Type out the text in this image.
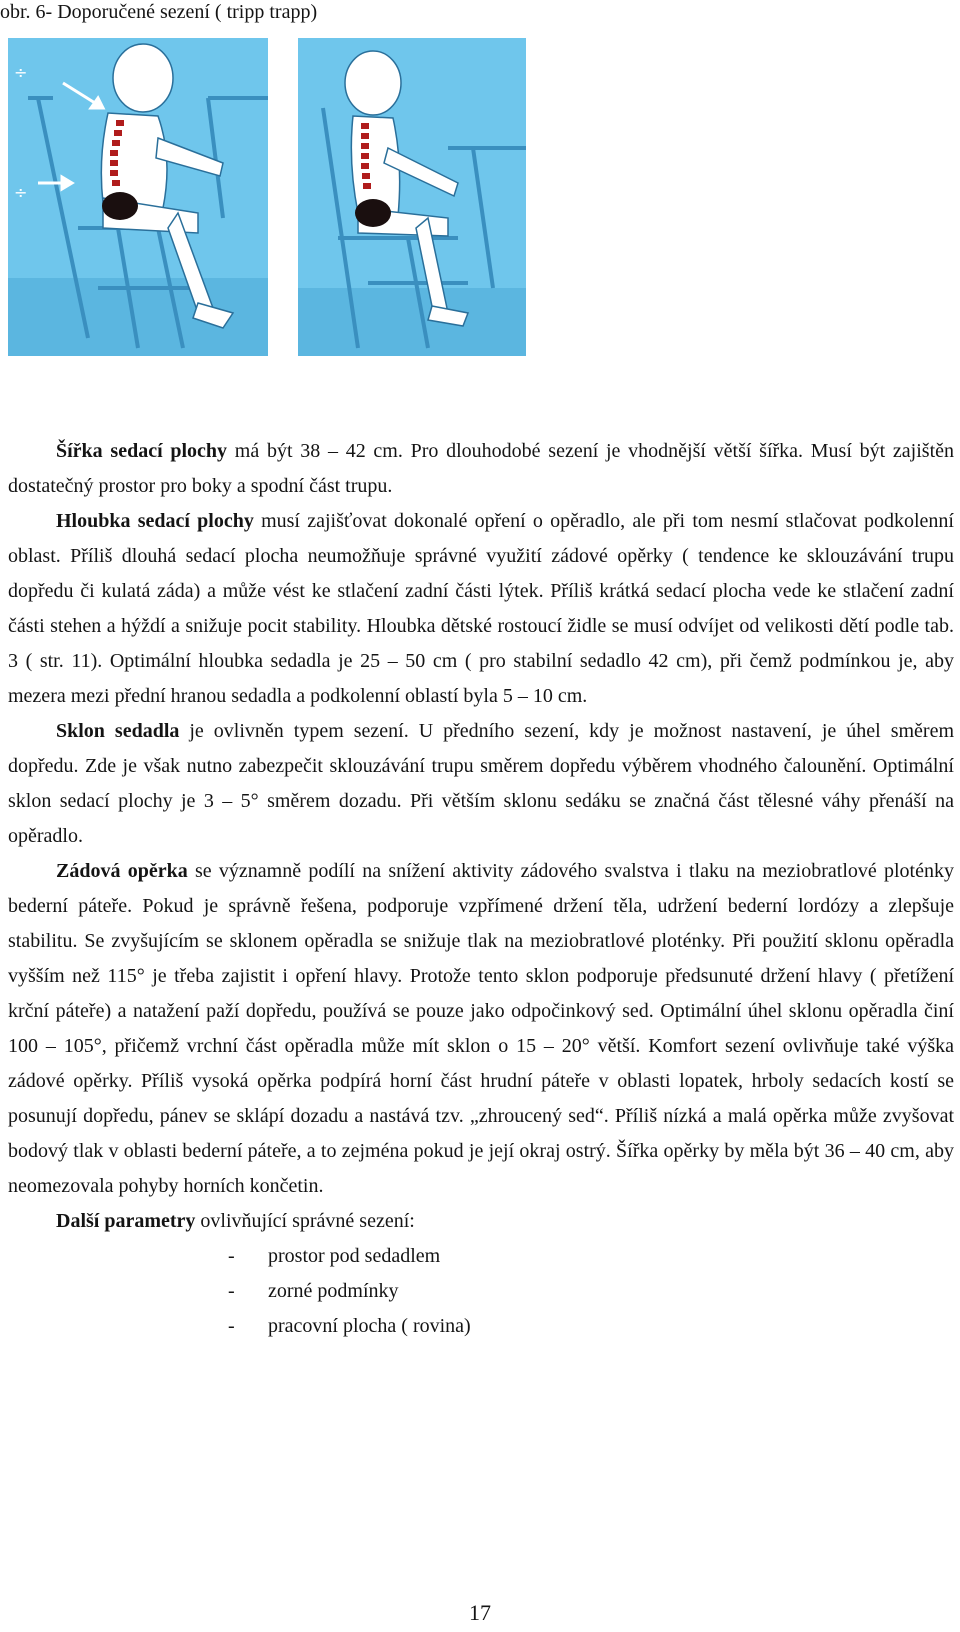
obr. 6- Doporučené sezení ( tripp trapp)
÷
÷

Šířka sedací plochy má být 38 – 42 cm. Pro dlouhodobé sezení je vhodnější větší šířka. Musí být zajištěn dostatečný prostor pro boky a spodní část trupu.

Hloubka sedací plochy musí zajišťovat dokonalé opření o opěradlo, ale při tom nesmí stlačovat podkolenní oblast. Příliš dlouhá sedací plocha neumožňuje správné využití zádové opěrky ( tendence ke sklouzávání trupu dopředu či kulatá záda) a může vést ke stlačení zadní části lýtek. Příliš krátká sedací plocha vede ke stlačení zadní části stehen a hýždí a snižuje pocit stability. Hloubka dětské rostoucí židle se musí odvíjet od velikosti dětí podle tab. 3 ( str. 11). Optimální hloubka sedadla je 25 – 50 cm ( pro stabilní sedadlo 42 cm), při čemž podmínkou je, aby mezera mezi přední hranou sedadla a podkolenní oblastí byla 5 – 10 cm.

Sklon sedadla je ovlivněn typem sezení. U předního sezení, kdy je možnost nastavení, je úhel směrem dopředu. Zde je však nutno zabezpečit sklouzávání trupu směrem dopředu výběrem vhodného čalounění. Optimální sklon sedací plochy je 3 – 5° směrem dozadu. Při větším sklonu sedáku se značná část tělesné váhy přenáší na opěradlo.

Zádová opěrka se významně podílí na snížení aktivity zádového svalstva i tlaku na meziobratlové ploténky bederní páteře. Pokud je správně řešena, podporuje vzpřímené držení těla, udržení bederní lordózy a zlepšuje stabilitu. Se zvyšujícím se sklonem opěradla se snižuje tlak na meziobratlové ploténky. Při použití sklonu opěradla vyšším než 115° je třeba zajistit i opření hlavy. Protože tento sklon podporuje předsunuté držení hlavy ( přetížení krční páteře) a natažení paží dopředu, používá se pouze jako odpočinkový sed. Optimální úhel sklonu opěradla činí 100 – 105°, přičemž vrchní část opěradla může mít sklon o 15 – 20° větší. Komfort sezení ovlivňuje také výška zádové opěrky. Příliš vysoká opěrka podpírá horní část hrudní páteře v oblasti lopatek, hrboly sedacích kostí se posunují dopředu, pánev se sklápí dozadu a nastává tzv. „zhroucený sed“. Příliš nízká a malá opěrka může zvyšovat bodový tlak v oblasti bederní páteře, a to zejména pokud je její okraj ostrý. Šířka opěrky by měla být 36 – 40 cm, aby neomezovala pohyby horních končetin.

Další parametry ovlivňující správné sezení:

- prostor pod sedadlem
- zorné podmínky
- pracovní plocha ( rovina)
17
